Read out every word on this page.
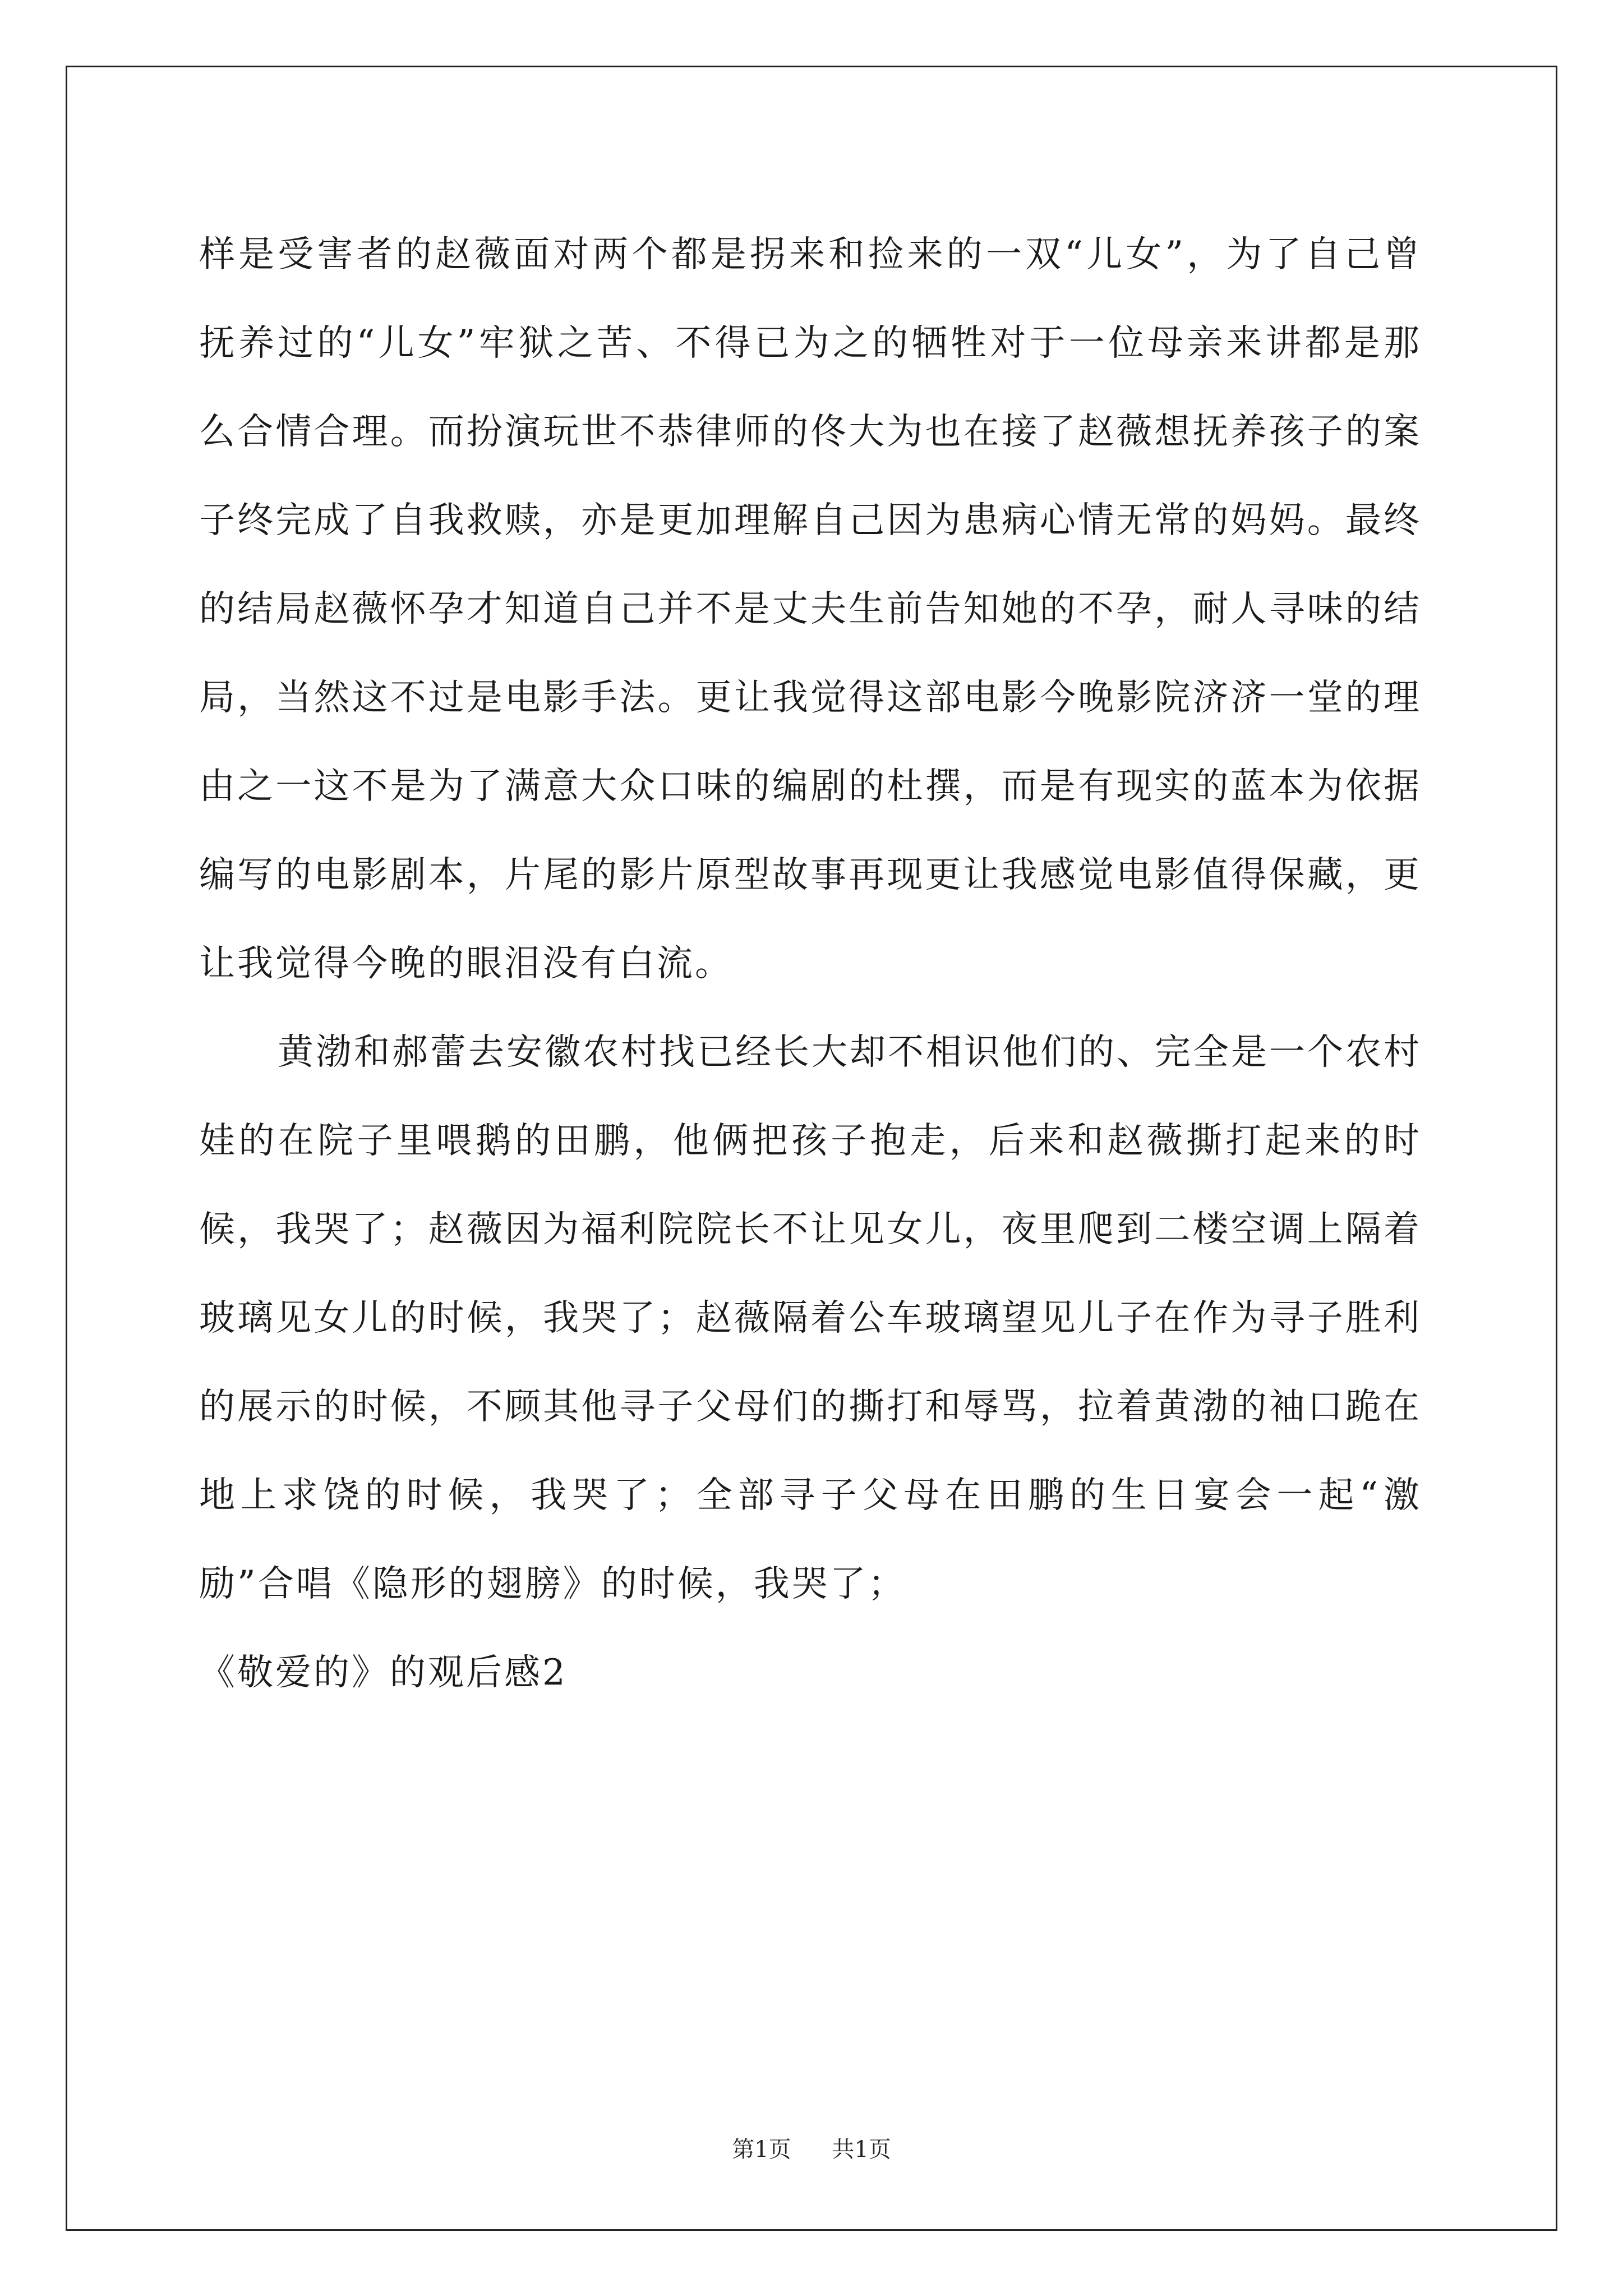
样是受害者的赵薇面对两个都是拐来和捡来的一双“儿女”，为了自己曾抚养过的“儿女”牢狱之苦、不得已为之的牺牲对于一位母亲来讲都是那么合情合理。而扮演玩世不恭律师的佟大为也在接了赵薇想抚养孩子的案子终完成了自我救赎，亦是更加理解自己因为患病心情无常的妈妈。最终的结局赵薇怀孕才知道自己并不是丈夫生前告知她的不孕，耐人寻味的结局，当然这不过是电影手法。更让我觉得这部电影今晚影院济济一堂的理由之一这不是为了满意大众口味的编剧的杜撰，而是有现实的蓝本为依据编写的电影剧本，片尾的影片原型故事再现更让我感觉电影值得保藏，更让我觉得今晚的眼泪没有白流。

黄渤和郝蕾去安徽农村找已经长大却不相识他们的、完全是一个农村娃的在院子里喂鹅的田鹏，他俩把孩子抱走，后来和赵薇撕打起来的时候，我哭了；赵薇因为福利院院长不让见女儿，夜里爬到二楼空调上隔着玻璃见女儿的时候，我哭了；赵薇隔着公车玻璃望见儿子在作为寻子胜利的展示的时候，不顾其他寻子父母们的撕打和辱骂，拉着黄渤的袖口跪在地上求饶的时候，我哭了；全部寻子父母在田鹏的生日宴会一起“激励”合唱《隐形的翅膀》的时候，我哭了；

《敬爱的》的观后感2

第1页 共1页
